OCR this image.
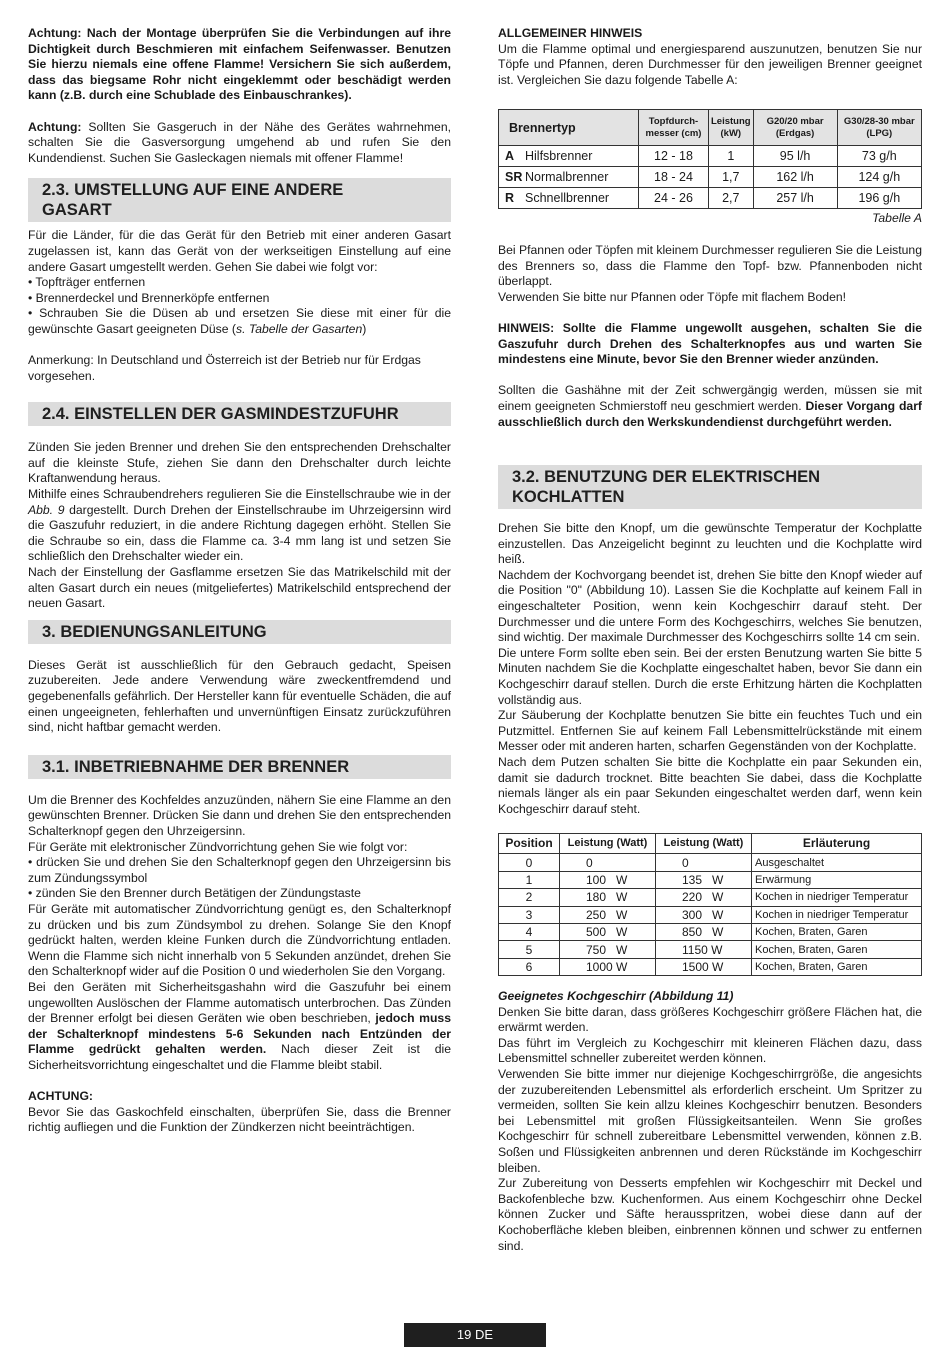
Achtung: Nach der Montage überprüfen Sie die Verbindungen auf ihre Dichtigkeit durch Beschmieren mit einfachem Seifenwasser. Benutzen Sie hierzu niemals eine offene Flamme! Versichern Sie sich außerdem, dass das biegsame Rohr nicht eingeklemmt oder beschädigt werden kann (z.B. durch eine Schublade des Einbauschrankes).

Achtung: Sollten Sie Gasgeruch in der Nähe des Gerätes wahrnehmen, schalten Sie die Gasversorgung umgehend ab und rufen Sie den Kundendienst. Suchen Sie Gasleckagen niemals mit offener Flamme!

2.3. UMSTELLUNG AUF EINE ANDERE
GASART

Für die Länder, für die das Gerät für den Betrieb mit einer anderen Gasart zugelassen ist, kann das Gerät von der werkseitigen Einstellung auf eine andere Gasart umgestellt werden. Gehen Sie dabei wie folgt vor:

• Topfträger entfernen

• Brennerdeckel und Brennerköpfe entfernen

• Schrauben Sie die Düsen ab und ersetzen Sie diese mit einer für die gewünschte Gasart geeigneten Düse (s. Tabelle der Gasarten)

Anmerkung: In Deutschland und Österreich ist der Betrieb nur für Erdgas vorgesehen.

2.4. EINSTELLEN DER GASMINDESTZUFUHR

Zünden Sie jeden Brenner und drehen Sie den entsprechenden Drehschalter auf die kleinste Stufe, ziehen Sie dann den Drehschalter durch leichte Kraftanwendung heraus.

Mithilfe eines Schraubendrehers regulieren Sie die Einstellschraube wie in der Abb. 9 dargestellt. Durch Drehen der Einstellschraube im Uhrzeigersinn wird die Gaszufuhr reduziert, in die andere Richtung dagegen erhöht. Stellen Sie die Schraube so ein, dass die Flamme ca. 3-4 mm lang ist und setzen Sie schließlich den Drehschalter wieder ein.

Nach der Einstellung der Gasflamme ersetzen Sie das Matrikelschild mit der alten Gasart durch ein neues (mitgeliefertes) Matrikelschild entsprechend der neuen Gasart.

3. BEDIENUNGSANLEITUNG

Dieses Gerät ist ausschließlich für den Gebrauch gedacht, Speisen zuzubereiten. Jede andere Verwendung wäre zweckentfremdend und gegebenenfalls gefährlich. Der Hersteller kann für eventuelle Schäden, die auf einen ungeeigneten, fehlerhaften und unvernünftigen Einsatz zurückzuführen sind, nicht haftbar gemacht werden.

3.1. INBETRIEBNAHME DER BRENNER

Um die Brenner des Kochfeldes anzuzünden, nähern Sie eine Flamme an den gewünschten Brenner. Drücken Sie dann und drehen Sie den entsprechenden Schalterknopf gegen den Uhrzeigersinn.

Für Geräte mit elektronischer Zündvorrichtung gehen Sie wie folgt vor:

• drücken Sie und drehen Sie den Schalterknopf gegen den Uhrzeigersinn bis zum Zündungssymbol

• zünden Sie den Brenner durch Betätigen der Zündungstaste

Für Geräte mit automatischer Zündvorrichtung genügt es, den Schalterknopf zu drücken und bis zum Zündsymbol zu drehen. Solange Sie den Knopf gedrückt halten, werden kleine Funken durch die Zündvorrichtung entladen. Wenn die Flamme sich nicht innerhalb von 5 Sekunden anzündet, drehen Sie den Schalterknopf wider auf die Position 0 und wiederholen Sie den Vorgang.

Bei den Geräten mit Sicherheitsgashahn wird die Gaszufuhr bei einem ungewollten Auslöschen der Flamme automatisch unterbrochen. Das Zünden der Brenner erfolgt bei diesen Geräten wie oben beschrieben, jedoch muss der Schalterknopf mindestens 5-6 Sekunden nach Entzünden der Flamme gedrückt gehalten werden. Nach dieser Zeit ist die Sicherheitsvorrichtung eingeschaltet und die Flamme bleibt stabil.

ACHTUNG:

Bevor Sie das Gaskochfeld einschalten, überprüfen Sie, dass die Brenner richtig aufliegen und die Funktion der Zündkerzen nicht beeinträchtigen.

ALLGEMEINER HINWEIS

Um die Flamme optimal und energiesparend auszunutzen, benutzen Sie nur Töpfe und Pfannen, deren Durchmesser für den jeweiligen Brenner geeignet ist. Vergleichen Sie dazu folgende Tabelle A:

Brennertyp	Topfdurch-messer (cm)	Leistung (kW)	G20/20 mbar (Erdgas)	G30/28-30 mbar (LPG)
A Hilfsbrenner	12 - 18	1	95 l/h	73 g/h
SR Normalbrenner	18 - 24	1,7	162 l/h	124 g/h
R Schnellbrenner	24 - 26	2,7	257 l/h	196 g/h

Tabelle A

Bei Pfannen oder Töpfen mit kleinem Durchmesser regulieren Sie die Leistung des Brenners so, dass die Flamme den Topf- bzw. Pfannenboden nicht überlappt.

Verwenden Sie bitte nur Pfannen oder Töpfe mit flachem Boden!

HINWEIS: Sollte die Flamme ungewollt ausgehen, schalten Sie die Gaszufuhr durch Drehen des Schalterknopfes aus und warten Sie mindestens eine Minute, bevor Sie den Brenner wieder anzünden.

Sollten die Gashähne mit der Zeit schwergängig werden, müssen sie mit einem geeigneten Schmierstoff neu geschmiert werden. Dieser Vorgang darf ausschließlich durch den Werkskundendienst durchgeführt werden.

3.2. BENUTZUNG DER ELEKTRISCHEN
KOCHLATTEN

Drehen Sie bitte den Knopf, um die gewünschte Temperatur der Kochplatte einzustellen. Das Anzeigelicht beginnt zu leuchten und die Kochplatte wird heiß.

Nachdem der Kochvorgang beendet ist, drehen Sie bitte den Knopf wieder auf die Position "0" (Abbildung 10). Lassen Sie die Kochplatte auf keinem Fall in eingeschalteter Position, wenn kein Kochgeschirr darauf steht. Der Durchmesser und die untere Form des Kochgeschirrs, welches Sie benutzen, sind wichtig. Der maximale Durchmesser des Kochgeschirrs sollte 14 cm sein.

Die untere Form sollte eben sein. Bei der ersten Benutzung warten Sie bitte 5 Minuten nachdem Sie die Kochplatte eingeschaltet haben, bevor Sie dann ein Kochgeschirr darauf stellen. Durch die erste Erhitzung härten die Kochplatten vollständig aus.

Zur Säuberung der Kochplatte benutzen Sie bitte ein feuchtes Tuch und ein Putzmittel. Entfernen Sie auf keinem Fall Lebensmittelrückstände mit einem Messer oder mit anderen harten, scharfen Gegenständen von der Kochplatte.

Nach dem Putzen schalten Sie bitte die Kochplatte ein paar Sekunden ein, damit sie dadurch trocknet. Bitte beachten Sie dabei, dass die Kochplatte niemals länger als ein paar Sekunden eingeschaltet werden darf, wenn kein Kochgeschirr darauf steht.

Position	Leistung (Watt)	Leistung (Watt)	Erläuterung
0	0	0	Ausgeschaltet
1	100   W	135   W	Erwärmung
2	180   W	220   W	Kochen in niedriger Temperatur
3	250   W	300   W	Kochen in niedriger Temperatur
4	500   W	850   W	Kochen, Braten, Garen
5	750   W	1150 W	Kochen, Braten, Garen
6	1000 W	1500 W	Kochen, Braten, Garen

Geeignetes Kochgeschirr (Abbildung 11)

Denken Sie bitte daran, dass größeres Kochgeschirr größere Flächen hat, die erwärmt werden.

Das führt im Vergleich zu Kochgeschirr mit kleineren Flächen dazu, dass Lebensmittel schneller zubereitet werden können.

Verwenden Sie bitte immer nur diejenige Kochgeschirrgröße, die angesichts der zuzubereitenden Lebensmittel als erforderlich erscheint. Um Spritzer zu vermeiden, sollten Sie kein allzu kleines Kochgeschirr benutzen. Besonders bei Lebensmittel mit großen Flüssigkeitsanteilen. Wenn Sie großes Kochgeschirr für schnell zubereitbare Lebensmittel verwenden, können z.B. Soßen und Flüssigkeiten anbrennen und deren Rückstände im Kochgeschirr bleiben.

Zur Zubereitung von Desserts empfehlen wir Kochgeschirr mit Deckel und Backofenbleche bzw. Kuchenformen. Aus einem Kochgeschirr ohne Deckel können Zucker und Säfte herausspritzen, wobei diese dann auf der Kochoberfläche kleben bleiben, einbrennen können und schwer zu entfernen sind.

19 DE
